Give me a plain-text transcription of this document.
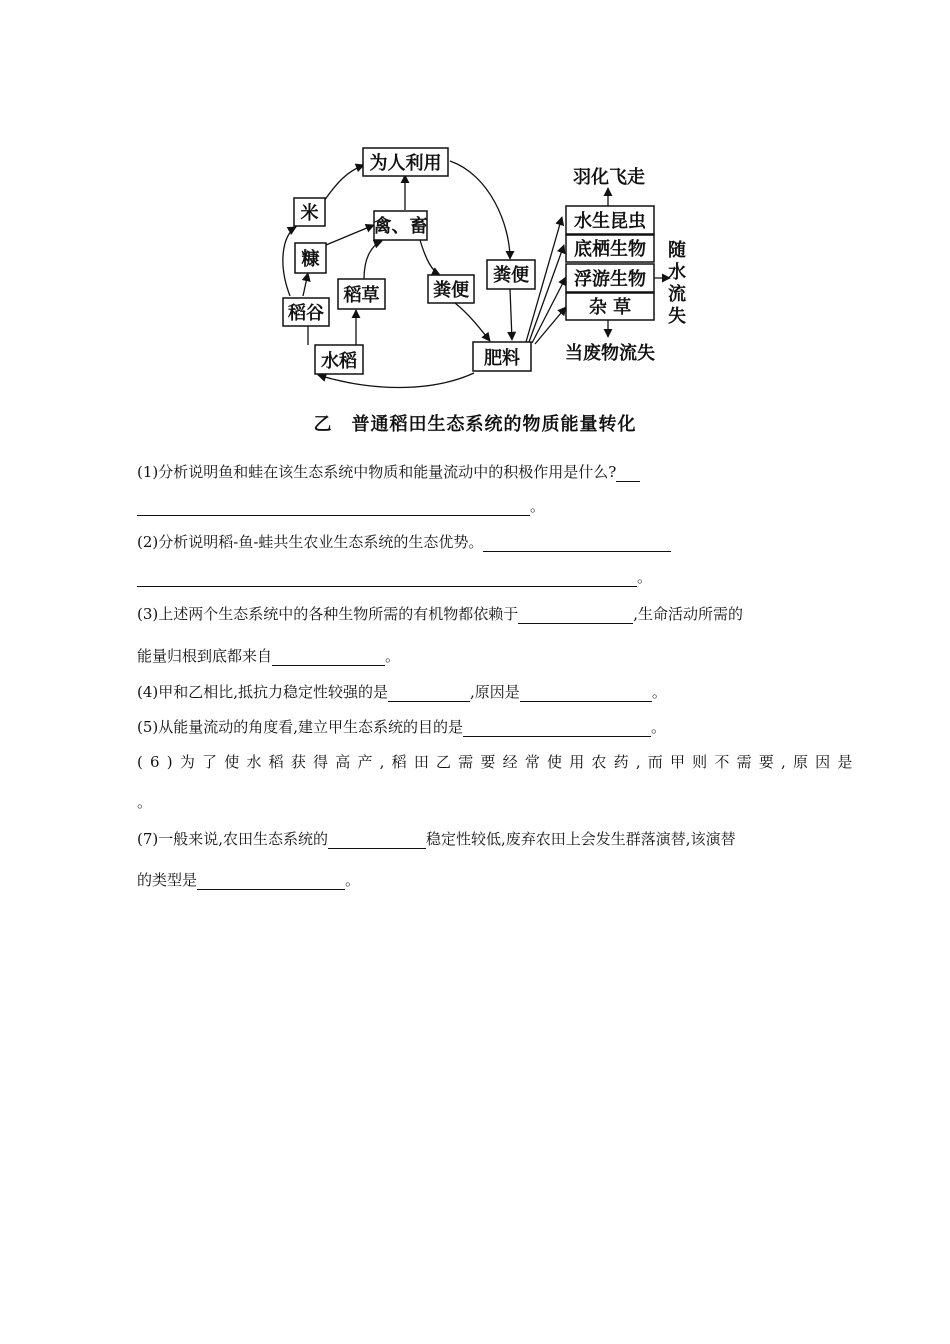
为人利用
米
糠
禽、畜
稻草
稻谷
粪便
粪便
水稻	肥料
水生昆虫
底栖生物
浮游生物
杂 草
羽化飞走
随
水
流
失
当废物流失
乙　普通稻田生态系统的物质能量转化
(1)分析说明鱼和蛙在该生态系统中物质和能量流动中的积极作用是什么?
。
(2)分析说明稻-鱼-蛙共生农业生态系统的生态优势。
。
(3)上述两个生态系统中的各种生物所需的有机物都依赖于	,生命活动所需的
能量归根到底都来自	。
(4)甲和乙相比,抵抗力稳定性较强的是	,原因是	。
(5)从能量流动的角度看,建立甲生态系统的目的是	。
(6)为了使水稻获得高产,稻田乙需要经常使用农药,而甲则不需要,原因是
。
(7)一般来说,农田生态系统的	稳定性较低,废弃农田上会发生群落演替,该演替
的类型是	。
